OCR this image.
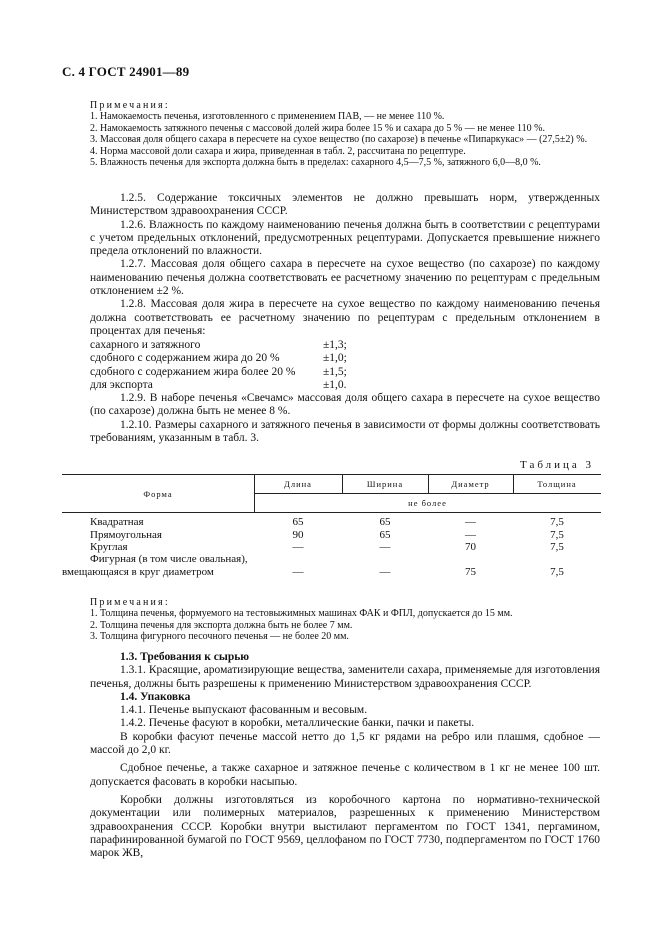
С. 4 ГОСТ 24901—89
Примечания:
1. Намокаемость печенья, изготовленного с применением ПАВ, — не менее 110 %.
2. Намокаемость затяжного печенья с массовой долей жира более 15 % и сахара до 5 % — не менее 110 %.
3. Массовая доля общего сахара в пересчете на сухое вещество (по сахарозе) в печенье «Пипаркукас» — (27,5±2) %.
4. Норма массовой доли сахара и жира, приведенная в табл. 2, рассчитана по рецептуре.
5. Влажность печенья для экспорта должна быть в пределах: сахарного 4,5—7,5 %, затяжного 6,0—8,0 %.

1.2.5. Содержание токсичных элементов не должно превышать норм, утвержденных Министерством здравоохранения СССР.

1.2.6. Влажность по каждому наименованию печенья должна быть в соответствии с рецептурами с учетом предельных отклонений, предусмотренных рецептурами. Допускается превышение нижнего предела отклонений по влажности.

1.2.7. Массовая доля общего сахара в пересчете на сухое вещество (по сахарозе) по каждому наименованию печенья должна соответствовать ее расчетному значению по рецептурам с предельным отклонением ±2 %.

1.2.8. Массовая доля жира в пересчете на сухое вещество по каждому наименованию печенья должна соответствовать ее расчетному значению по рецептурам с предельным отклонением в процентах для печенья:

сахарного и затяжного	±1,3;
сдобного с содержанием жира до 20 %	±1,0;
сдобного с содержанием жира более 20 % ±1,5;
для экспорта	±1,0.

1.2.9. В наборе печенья «Свечамс» массовая доля общего сахара в пересчете на сухое вещество (по сахарозе) должна быть не менее 8 %.

1.2.10. Размеры сахарного и затяжного печенья в зависимости от формы должны соответствовать требованиям, указанным в табл. 3.

Таблица 3
Форма
Длина	Ширина	Диаметр	Толщина
не более
Квадратная	65	65	—	7,5
Прямоугольная	90	65	—	7,5
Круглая	—	—	70	7,5
Фигурная (в том числе овальная),
вмещающаяся в круг диаметром	—	—	75	7,5
Примечания:
1. Толщина печенья, формуемого на тестовыжимных машинах ФАК и ФПЛ, допускается до 15 мм.
2. Толщина печенья для экспорта должна быть не более 7 мм.
3. Толщина фигурного песочного печенья — не более 20 мм.

1.3. Требования к сырью

1.3.1. Красящие, ароматизирующие вещества, заменители сахара, применяемые для изготовления печенья, должны быть разрешены к применению Министерством здравоохранения СССР.

1.4. Упаковка

1.4.1. Печенье выпускают фасованным и весовым.

1.4.2. Печенье фасуют в коробки, металлические банки, пачки и пакеты.

В коробки фасуют печенье массой нетто до 1,5 кг рядами на ребро или плашмя, сдобное — массой до 2,0 кг.

Сдобное печенье, а также сахарное и затяжное печенье с количеством в 1 кг не менее 100 шт. допускается фасовать в коробки насыпью.

Коробки должны изготовляться из коробочного картона по нормативно-технической документации или полимерных материалов, разрешенных к применению Министерством здравоохранения СССР. Коробки внутри выстилают пергаментом по ГОСТ 1341, пергамином, парафинированной бумагой по ГОСТ 9569, целлофаном по ГОСТ 7730, подпергаментом по ГОСТ 1760 марок ЖВ,
